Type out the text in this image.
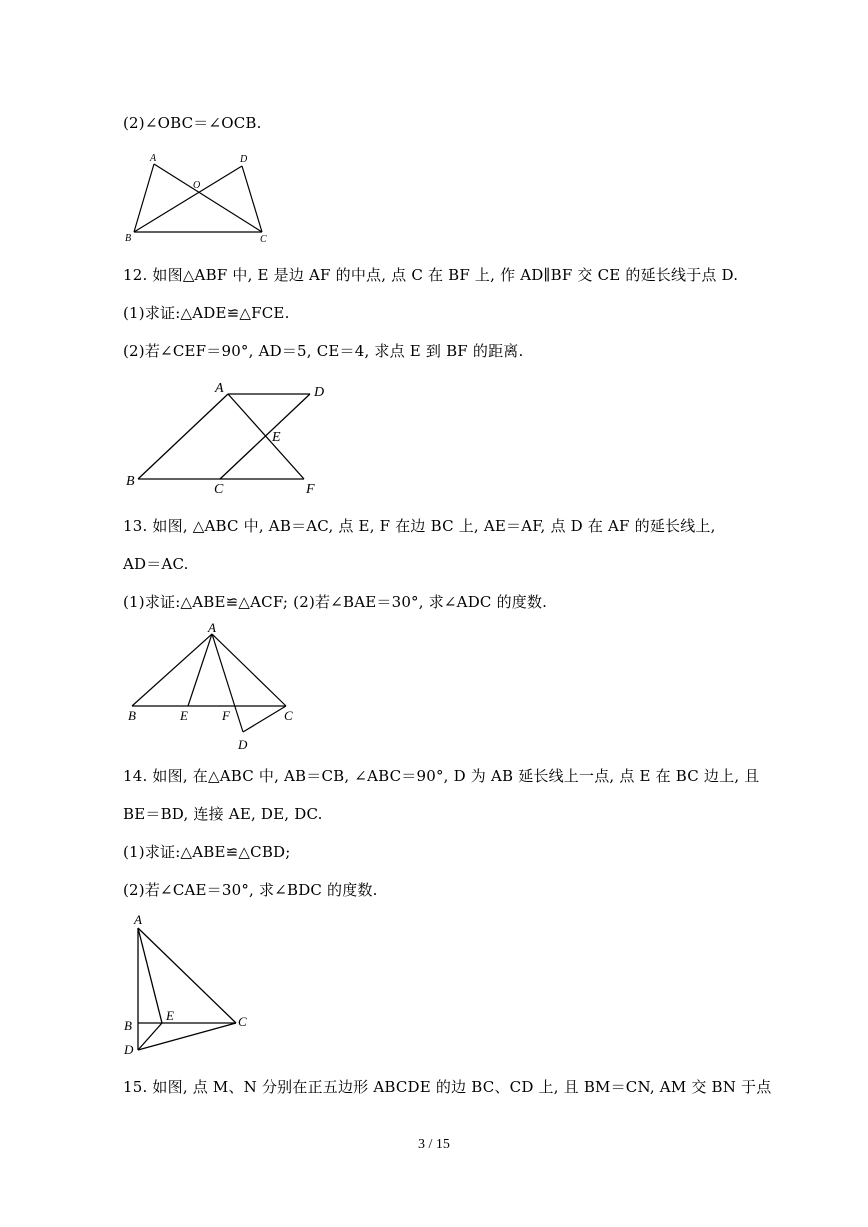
(2)∠OBC＝∠OCB.
A	D
O
B	C
12. 如图△ABF 中, E 是边 AF 的中点, 点 C 在 BF 上, 作 AD∥BF 交 CE 的延长线于点 D.
(1)求证:△ADE≌△FCE.
(2)若∠CEF＝90°, AD＝5, CE＝4, 求点 E 到 BF 的距离.
A	D
E
B
C	F
13. 如图, △ABC 中, AB＝AC, 点 E, F 在边 BC 上, AE＝AF, 点 D 在 AF 的延长线上,
AD＝AC.
(1)求证:△ABE≌△ACF; (2)若∠BAE＝30°, 求∠ADC 的度数.
A
B	E	F	C
D
14. 如图, 在△ABC 中, AB＝CB, ∠ABC＝90°, D 为 AB 延长线上一点, 点 E 在 BC 边上, 且
BE＝BD, 连接 AE, DE, DC.
(1)求证:△ABE≌△CBD;
(2)若∠CAE＝30°, 求∠BDC 的度数.
A
B
E	C
D
15. 如图, 点 M、N 分别在正五边形 ABCDE 的边 BC、CD 上, 且 BM＝CN, AM 交 BN 于点
3 / 15
